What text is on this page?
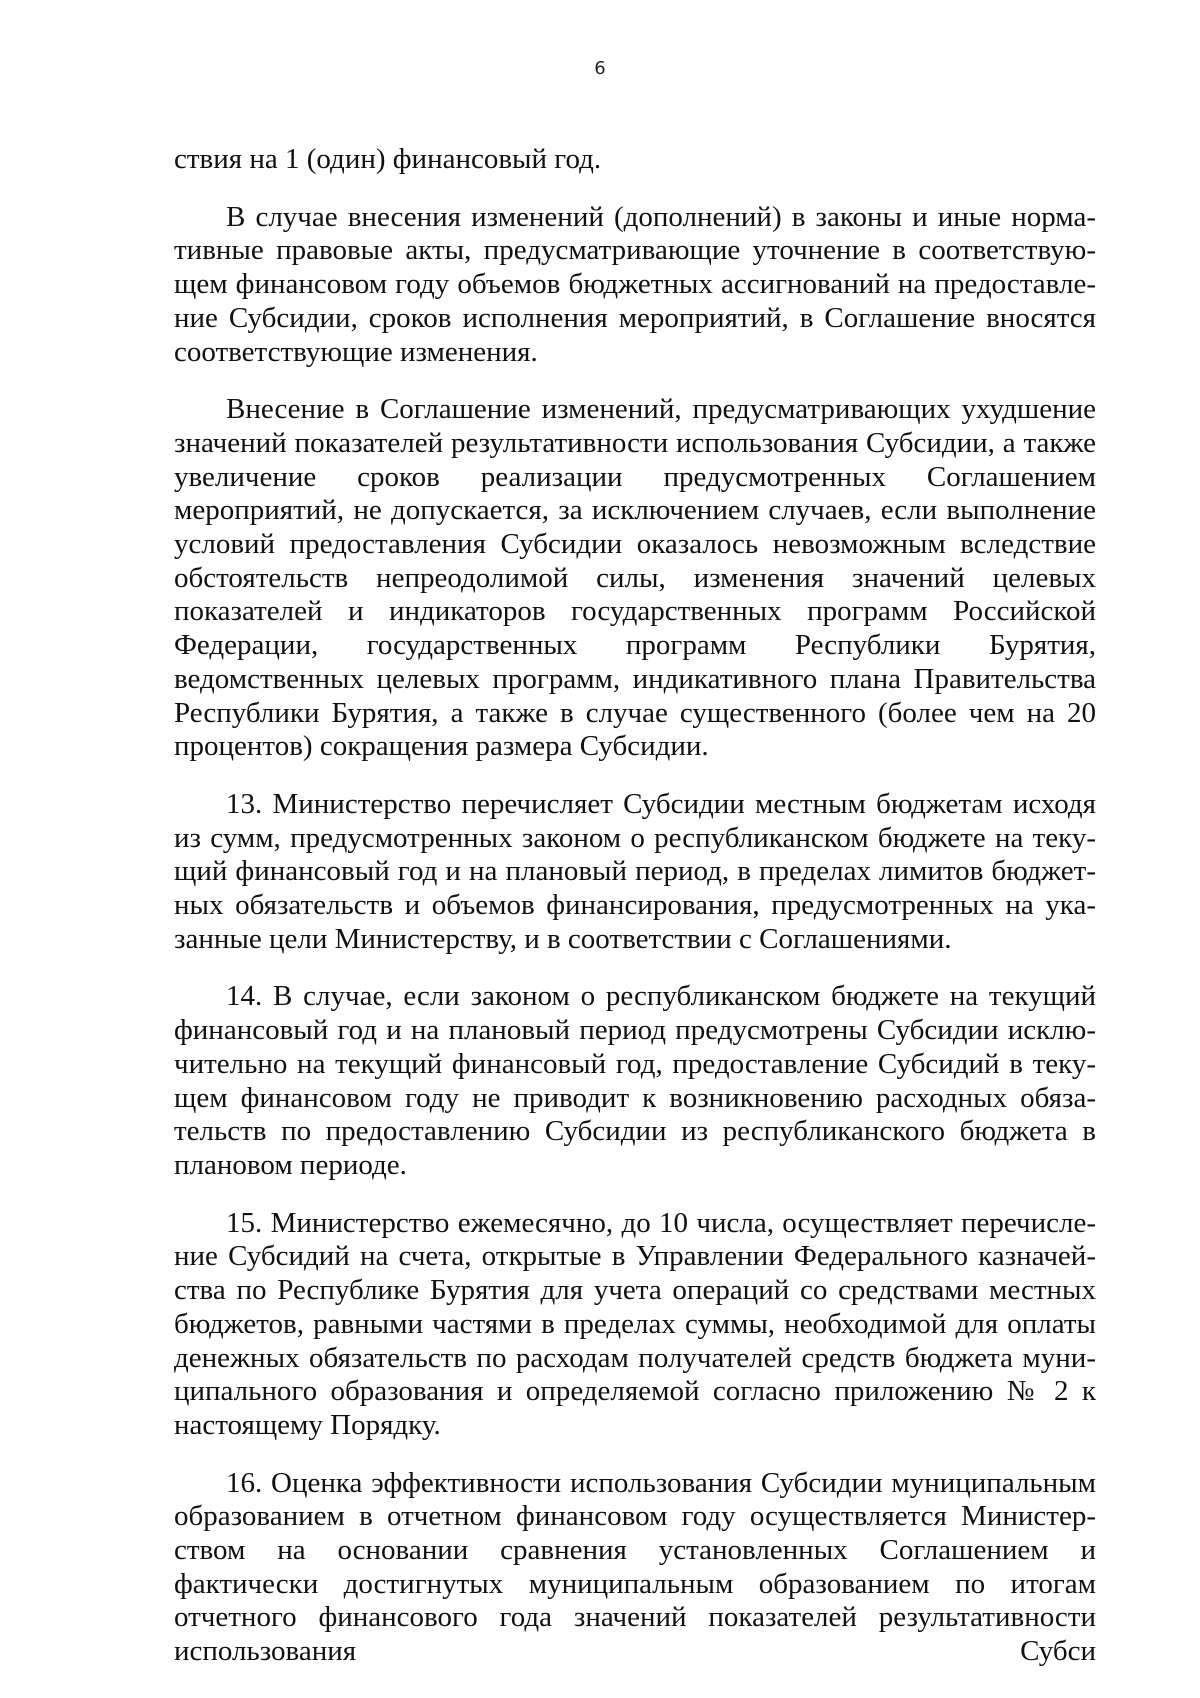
6

ствия на 1 (один) финансовый год.

В случае внесения изменений (дополнений) в законы и иные нормативные правовые акты, предусматривающие уточнение в соответствующем финансовом году объемов бюджетных ассигнований на предоставление Субсидии, сроков исполнения мероприятий, в Соглашение вносятся соответствующие изменения.

Внесение в Соглашение изменений, предусматривающих ухудшение значений показателей результативности использования Субсидии, а также увеличение сроков реализации предусмотренных Соглашением мероприятий, не допускается, за исключением случаев, если выполнение условий предоставления Субсидии оказалось невозможным вследствие обстоятельств непреодолимой силы, изменения значений целевых показателей и индикаторов государственных программ Российской Федерации, государственных программ Республики Бурятия, ведомственных целевых программ, индикативного плана Правительства Республики Бурятия, а также в случае существенного (более чем на 20 процентов) сокращения размера Субсидии.

13. Министерство перечисляет Субсидии местным бюджетам исходя из сумм, предусмотренных законом о республиканском бюджете на текущий финансовый год и на плановый период, в пределах лимитов бюджетных обязательств и объемов финансирования, предусмотренных на указанные цели Министерству, и в соответствии с Соглашениями.

14. В случае, если законом о республиканском бюджете на текущий финансовый год и на плановый период предусмотрены Субсидии исключительно на текущий финансовый год, предоставление Субсидий в текущем финансовом году не приводит к возникновению расходных обязательств по предоставлению Субсидии из республиканского бюджета в плановом периоде.

15. Министерство ежемесячно, до 10 числа, осуществляет перечисление Субсидий на счета, открытые в Управлении Федерального казначейства по Республике Бурятия для учета операций со средствами местных бюджетов, равными частями в пределах суммы, необходимой для оплаты денежных обязательств по расходам получателей средств бюджета муниципального образования и определяемой согласно приложению № 2 к настоящему Порядку.

16. Оценка эффективности использования Субсидии муниципальным образованием в отчетном финансовом году осуществляется Министерством на основании сравнения установленных Соглашением и фактически достигнутых муниципальным образованием по итогам отчетного финансового года значений показателей результативности использования Субси
